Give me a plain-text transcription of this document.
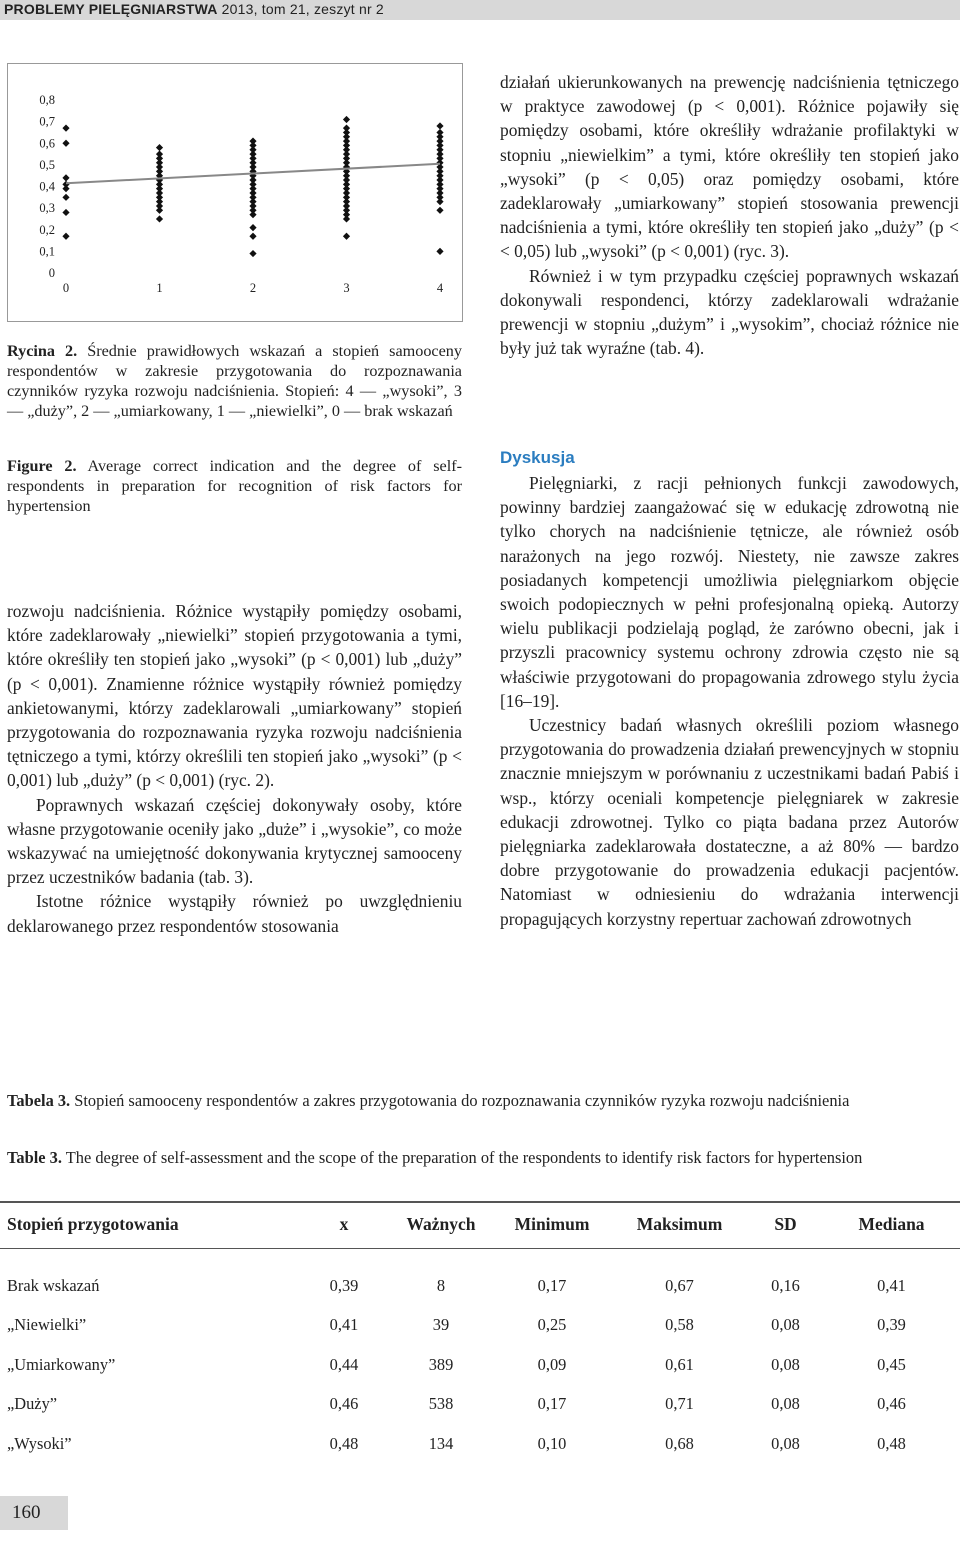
PROBLEMY PIELĘGNIARSTWA 2013, tom 21, zeszyt nr 2
0,8
0,7
0,6
0,5
0,4
0,3
0,2
0,1
0
0	1	2	3	4
Rycina 2. Średnie prawidłowych wskazań a stopień samooceny respondentów w zakresie przygotowania do rozpoznawania czynników ryzyka rozwoju nadciśnienia. Stopień: 4 — „wysoki”, 3 — „duży”, 2 — „umiarkowany, 1 — „niewielki”, 0 — brak wskazań
Figure 2. Average correct indication and the degree of self-respondents in preparation for recognition of risk factors for hypertension

rozwoju nadciśnienia. Różnice wystąpiły pomiędzy osobami, które zadeklarowały „niewielki” stopień przygotowania a tymi, które określiły ten stopień jako „wysoki” (p < 0,001) lub „duży” (p < 0,001). Znamienne różnice wystąpiły również pomiędzy ankietowanymi, którzy zadeklarowali „umiarkowany” stopień przygotowania do rozpoznawania ryzyka rozwoju nadciśnienia tętniczego a tymi, którzy określili ten stopień jako „wysoki” (p < 0,001) lub „duży” (p < 0,001) (ryc. 2).

Poprawnych wskazań częściej dokonywały osoby, które własne przygotowanie oceniły jako „duże” i „wysokie”, co może wskazywać na umiejętność dokonywania krytycznej samooceny przez uczestników badania (tab. 3).

Istotne różnice wystąpiły również po uwzględnieniu deklarowanego przez respondentów stosowania

działań ukierunkowanych na prewencję nadciśnienia tętniczego w praktyce zawodowej (p < 0,001). Różnice pojawiły się pomiędzy osobami, które określiły wdrażanie profilaktyki w stopniu „niewielkim” a tymi, które określiły ten stopień jako „wysoki” (p < 0,05) oraz pomiędzy osobami, które zadeklarowały „umiarkowany” stopień stosowania prewencji nadciśnienia a tymi, które określiły ten stopień jako „duży” (p < < 0,05) lub „wysoki” (p < 0,001) (ryc. 3).

Również i w tym przypadku częściej poprawnych wskazań dokonywali respondenci, którzy zadeklarowali wdrażanie prewencji w stopniu „dużym” i „wysokim”, chociaż różnice nie były już tak wyraźne (tab. 4).

Dyskusja

Pielęgniarki, z racji pełnionych funkcji zawodowych, powinny bardziej zaangażować się w edukację zdrowotną nie tylko chorych na nadciśnienie tętnicze, ale również osób narażonych na jego rozwój. Niestety, nie zawsze zakres posiadanych kompetencji umożliwia pielęgniarkom objęcie swoich podopiecznych w pełni profesjonalną opieką. Autorzy wielu publikacji podzielają pogląd, że zarówno obecni, jak i przyszli pracownicy systemu ochrony zdrowia często nie są właściwie przygotowani do propagowania zdrowego stylu życia [16–19].

Uczestnicy badań własnych określili poziom własnego przygotowania do prowadzenia działań prewencyjnych w stopniu znacznie mniejszym w porównaniu z uczestnikami badań Pabiś i wsp., którzy oceniali kompetencje pielęgniarek w zakresie edukacji zdrowotnej. Tylko co piąta badana przez Autorów pielęgniarka zadeklarowała dostateczne, a aż 80% — bardzo dobre przygotowanie do prowadzenia edukacji pacjentów. Natomiast w odniesieniu do wdrażania interwencji propagujących korzystny repertuar zachowań zdrowotnych

Tabela 3. Stopień samooceny respondentów a zakres przygotowania do rozpoznawania czynników ryzyka rozwoju nadciśnienia
Table 3. The degree of self-assessment and the scope of the preparation of the respondents to identify risk factors for hypertension
Stopień przygotowania	x	Ważnych	Minimum	Maksimum	SD	Mediana

Brak wskazań	0,39	8	0,17	0,67	0,16	0,41
„Niewielki”	0,41	39	0,25	0,58	0,08	0,39
„Umiarkowany”	0,44	389	0,09	0,61	0,08	0,45
„Duży”	0,46	538	0,17	0,71	0,08	0,46
„Wysoki”	0,48	134	0,10	0,68	0,08	0,48
160
